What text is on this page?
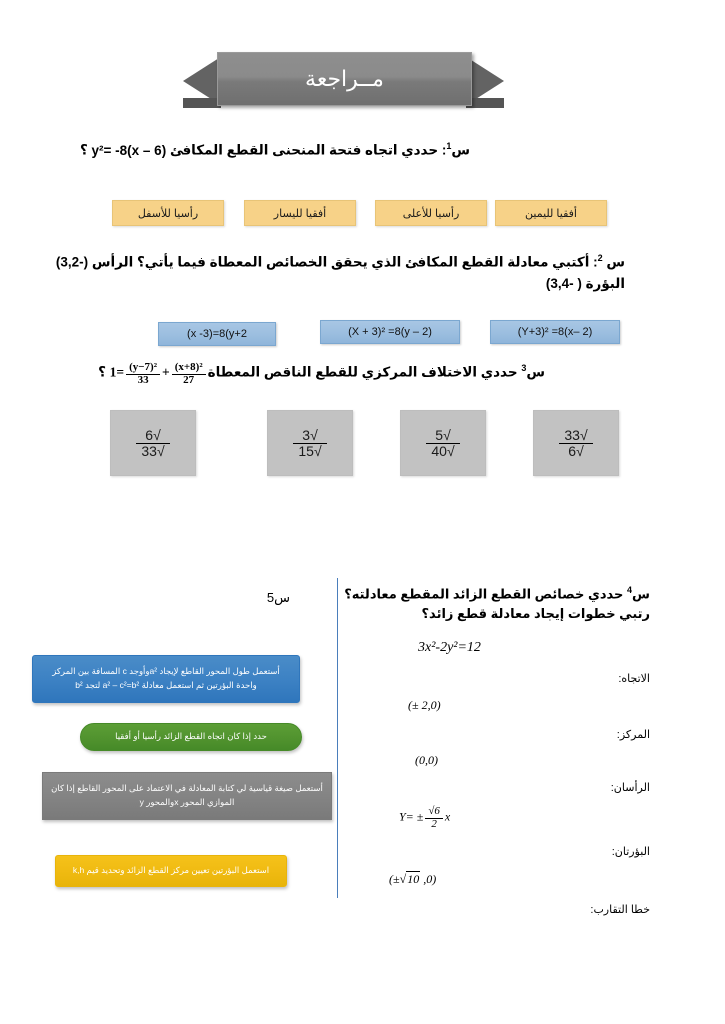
مــراجعة
س$^1$: حددي اتجاه فتحة المنحنى القطع المكافئ y²= -8(x – 6) ؟
رأسيا للأسفل	أفقيا لليسار	رأسيا للأعلى	أفقيا لليمين
س $^2$: أكتبي معادلة القطع المكافئ الذي يحقق الخصائص المعطاة فيما يأتي؟ الرأس (-3,2)
البؤرة ( -3,4)
(x -3)=8(y+2	(X + 3)² =8(y – 2)	(Y+3)² =8(x– 2)
س$^3$ حددي الاختلاف المركزي للقطع الناقص المعطاة1= $\frac{\text{(y−7)²}}{33} + \frac{\text{(x+8)²}}{27}$
؟
$\frac{√6}{√33}$	$\frac{√3}{√15}$	$\frac{√5}{√40}$	$\frac{√33}{√6}$
س$^4$ حددي خصائص القطع الزائد المقطع معادلته؟
رتبي خطوات إيجاد معادلة قطع زائد؟
3x²-2y²=12
الاتجاه:
(± 2,0)
المركز:
(0,0)
الرأسان:
$Y= \pm \frac{√6}{2}$ x
البؤرتان:
(±√10 ,0)
خطا التقارب:
س5
أستعمل طول المحور القاطع لإيجاد a²وأوجد c المسافة بين المركز واحدة البؤرتين ثم استعمل معادلة a² – c²=b² لتجد b²
حدد إذا كان اتجاه القطع الزائد رأسيا أو أفقيا
أستعمل صيغة قياسية لي كتابة المعادلة في الاعتماد على المحور القاطع إذا كان الموازي المحور xوالمحور y
استعمل البؤرتين تعيين مركز القطع الزائد وتحديد قيم k,h
